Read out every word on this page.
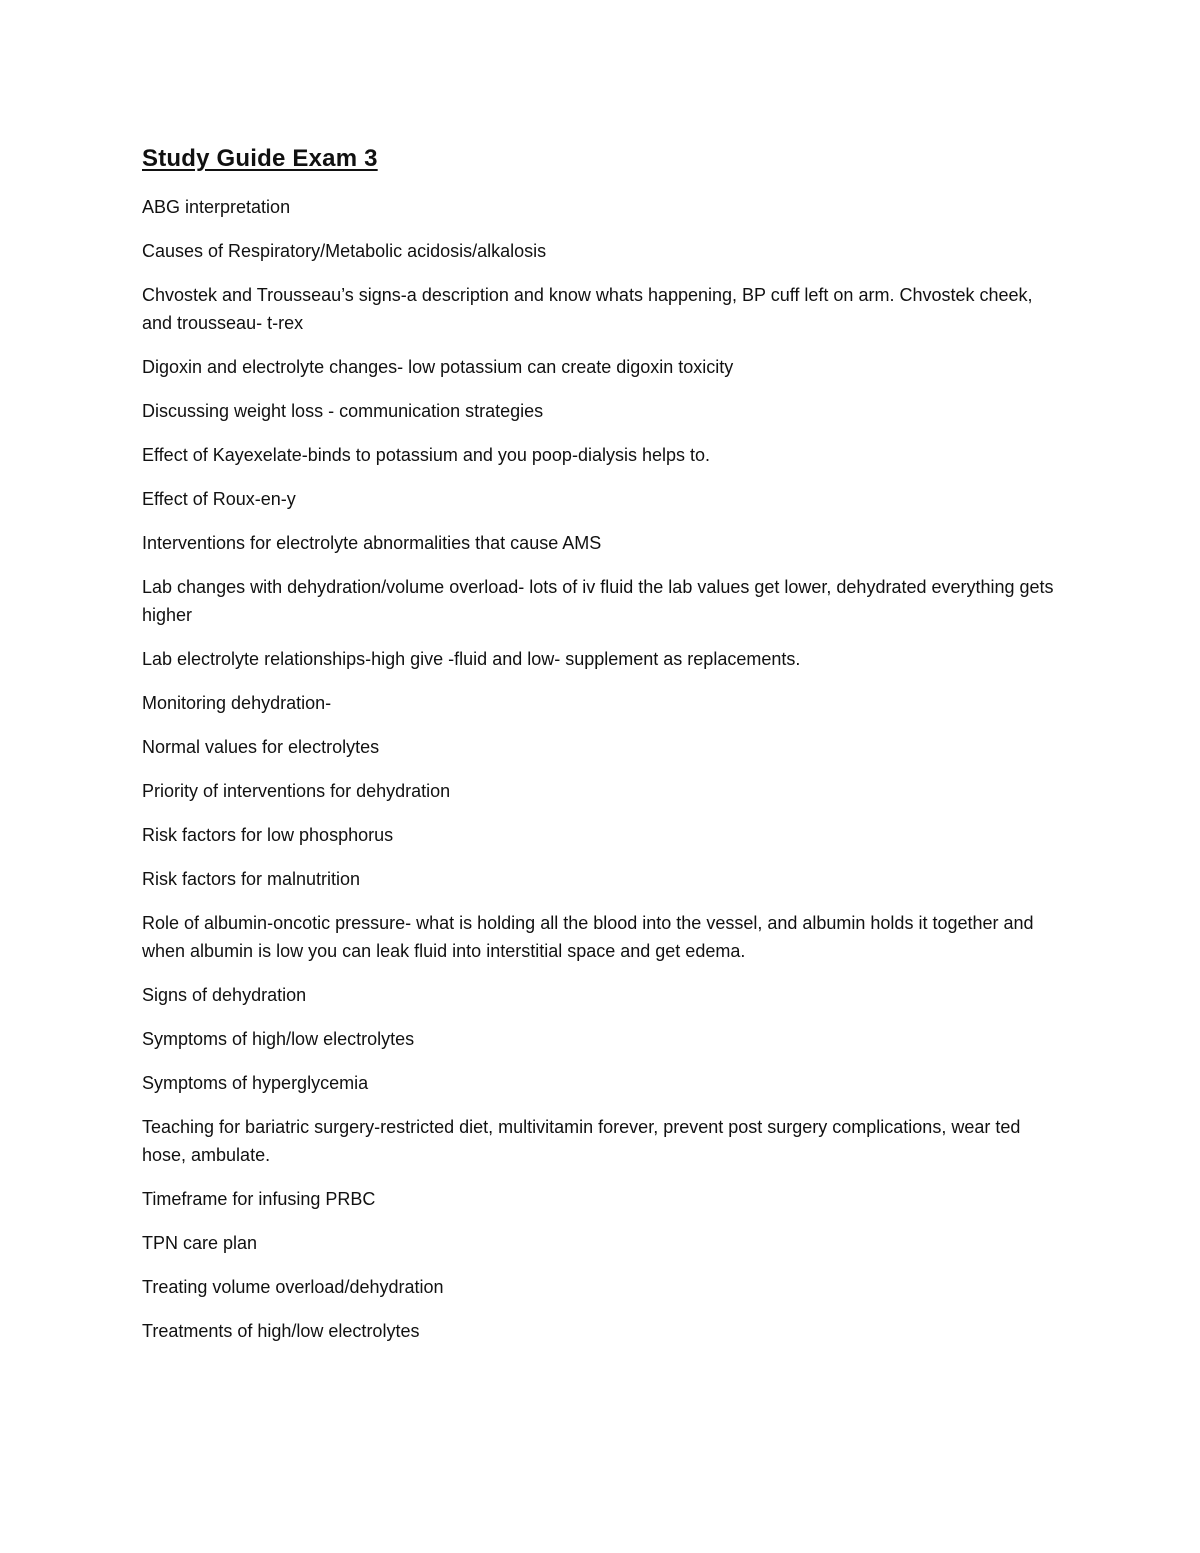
Study Guide Exam 3

ABG interpretation

Causes of Respiratory/Metabolic acidosis/alkalosis

Chvostek and Trousseau’s signs-a description and know whats happening, BP cuff left on arm. Chvostek cheek, and trousseau- t-rex

Digoxin and electrolyte changes- low potassium can create digoxin toxicity

Discussing weight loss - communication strategies

Effect of Kayexelate-binds to potassium and you poop-dialysis helps to.

Effect of Roux-en-y

Interventions for electrolyte abnormalities that cause AMS

Lab changes with dehydration/volume overload- lots of iv fluid the lab values get lower, dehydrated everything gets higher

Lab electrolyte relationships-high give -fluid and low- supplement as replacements.

Monitoring dehydration-

Normal values for electrolytes

Priority of interventions for dehydration

Risk factors for low phosphorus

Risk factors for malnutrition

Role of albumin-oncotic pressure- what is holding all the blood into the vessel, and albumin holds it together and when albumin is low you can leak fluid into interstitial space and get edema.

Signs of dehydration

Symptoms of high/low electrolytes

Symptoms of hyperglycemia

Teaching for bariatric surgery-restricted diet, multivitamin forever, prevent post surgery complications, wear ted hose, ambulate.

Timeframe for infusing PRBC

TPN care plan

Treating volume overload/dehydration

Treatments of high/low electrolytes
